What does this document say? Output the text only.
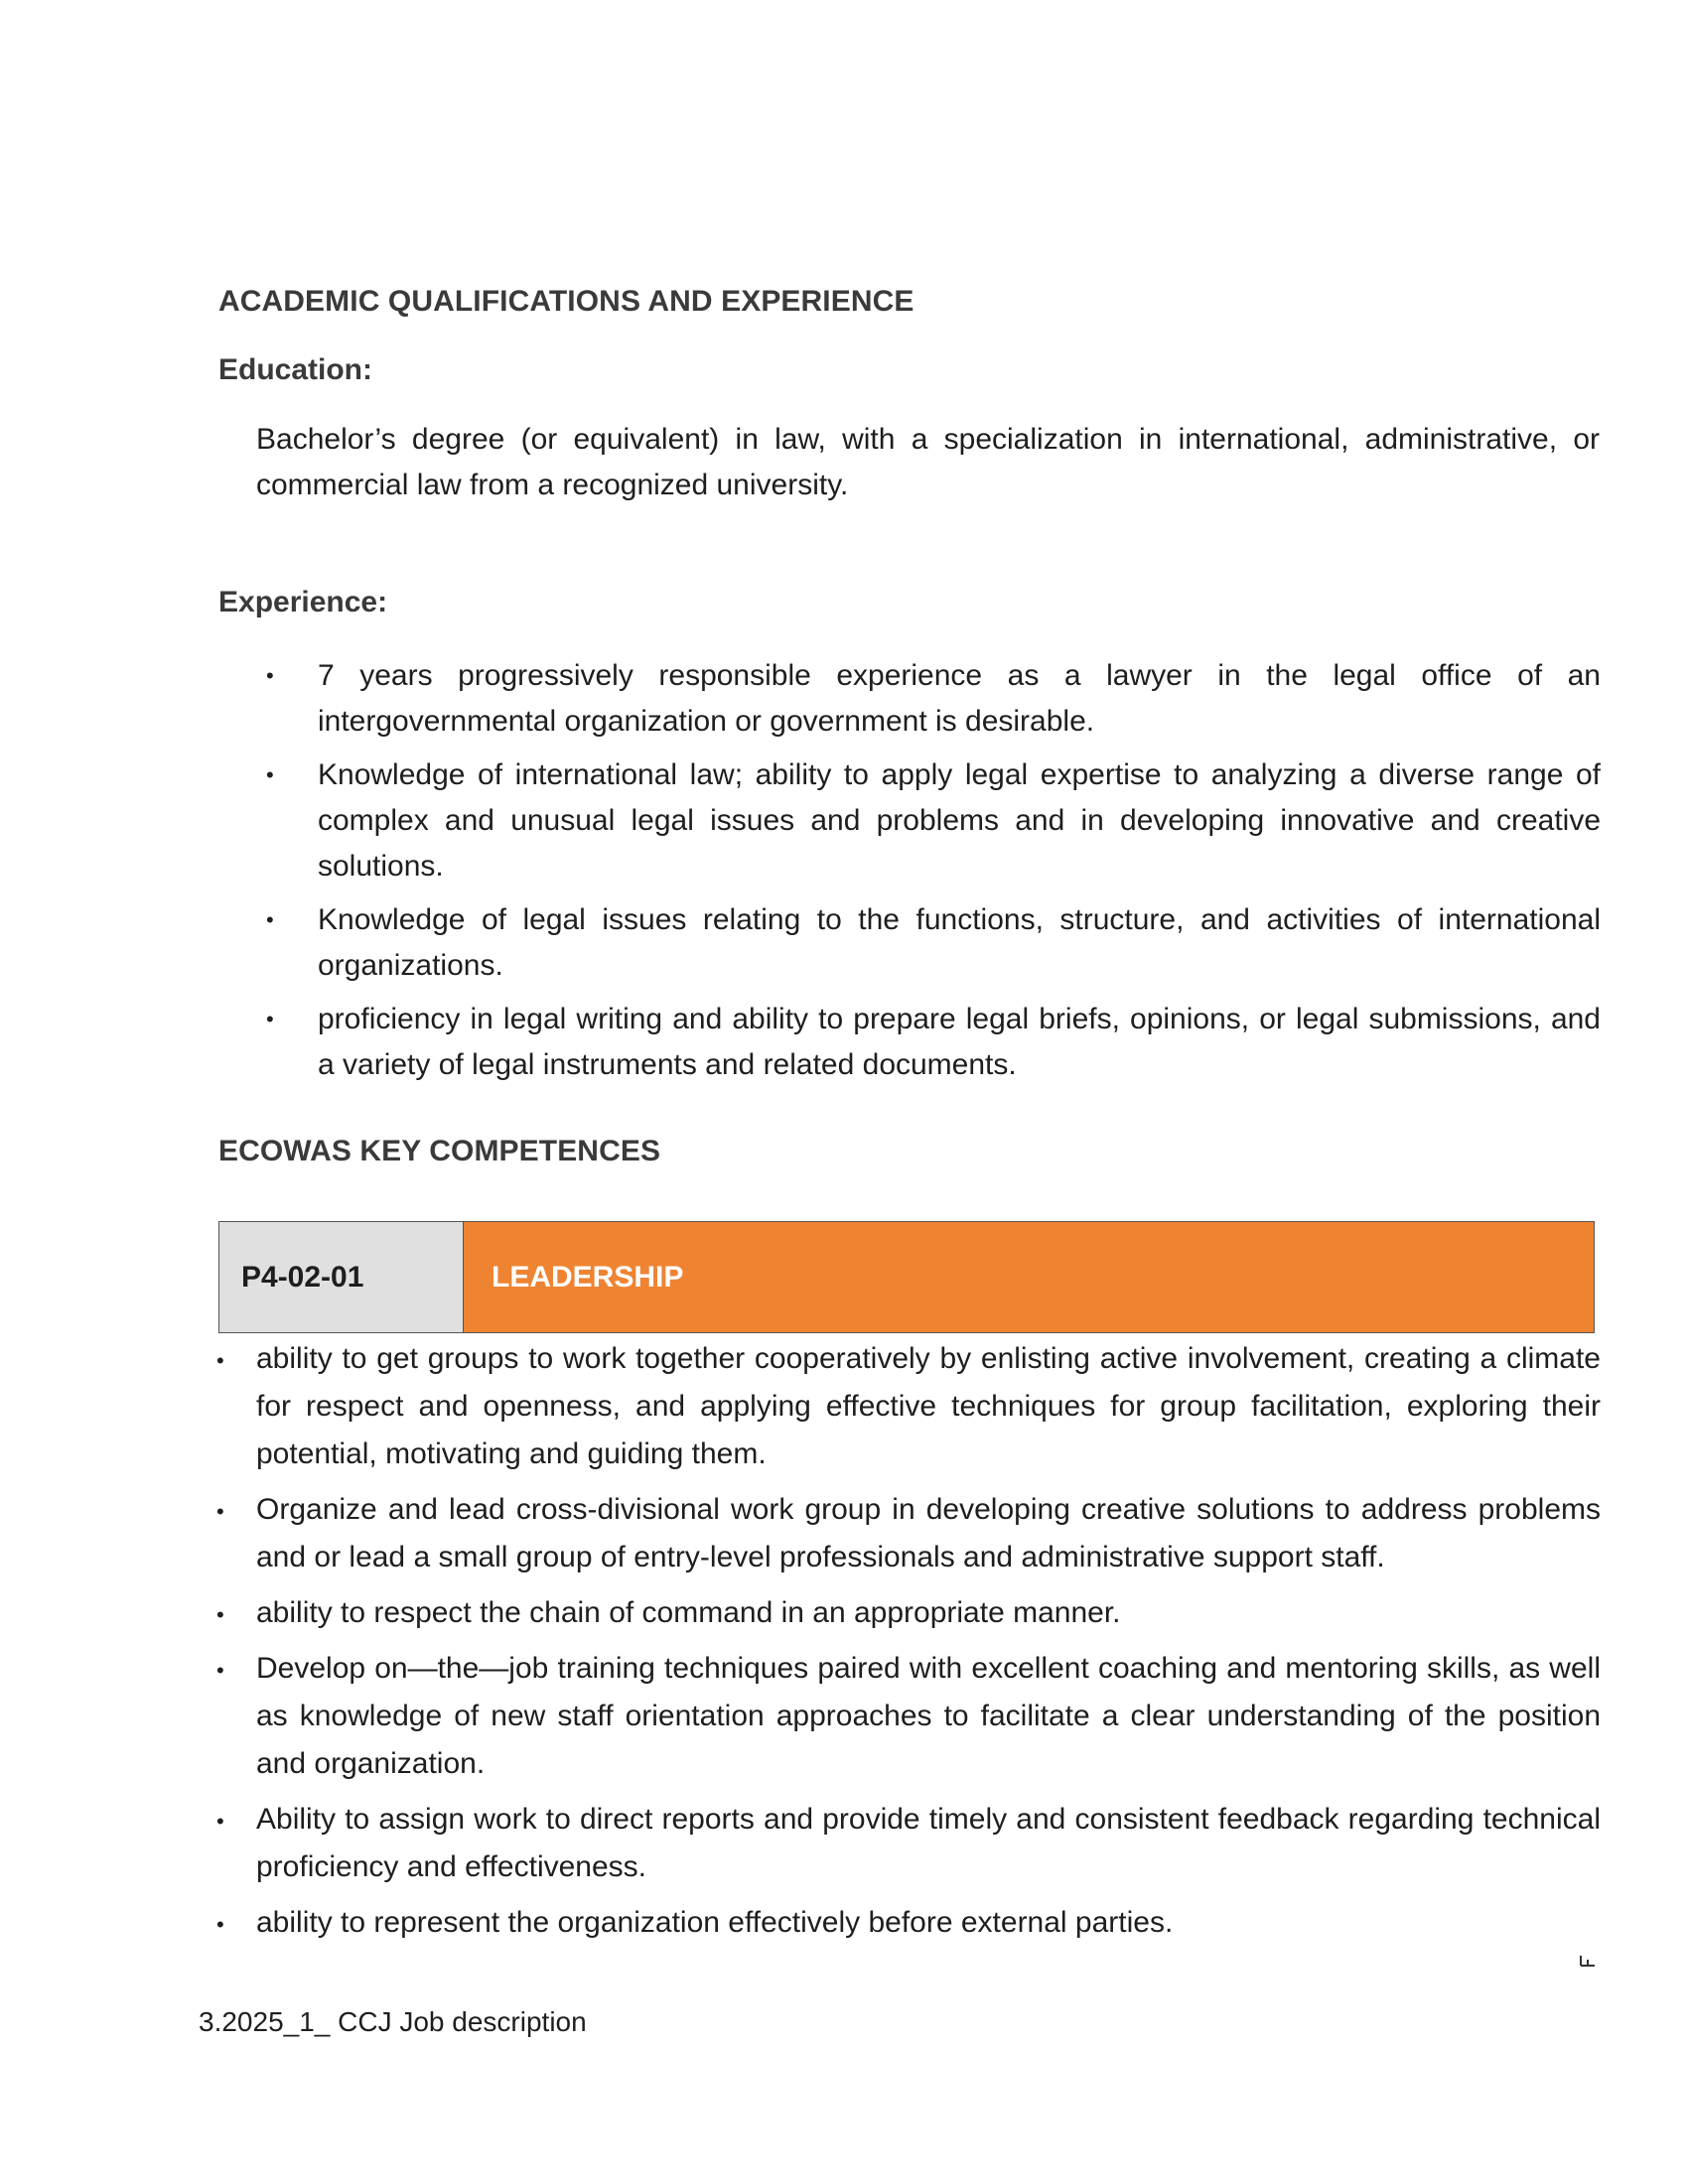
ACADEMIC QUALIFICATIONS AND EXPERIENCE
Education:
Bachelor’s degree (or equivalent) in law, with a specialization in international, administrative, or commercial law from a recognized university.
Experience:
• 7 years progressively responsible experience as a lawyer in the legal office of an intergovernmental organization or government is desirable.
• Knowledge of international law; ability to apply legal expertise to analyzing a diverse range of complex and unusual legal issues and problems and in developing innovative and creative solutions.
• Knowledge of legal issues relating to the functions, structure, and activities of international organizations.
• proficiency in legal writing and ability to prepare legal briefs, opinions, or legal submissions, and a variety of legal instruments and related documents.
ECOWAS KEY COMPETENCES
P4-02-01	LEADERSHIP
• ability to get groups to work together cooperatively by enlisting active involvement, creating a climate for respect and openness, and applying effective techniques for group facilitation, exploring their potential, motivating and guiding them.
• Organize and lead cross-divisional work group in developing creative solutions to address problems and or lead a small group of entry-level professionals and administrative support staff.
• ability to respect the chain of command in an appropriate manner.
• Develop on—the—job training techniques paired with excellent coaching and mentoring skills, as well as knowledge of new staff orientation approaches to facilitate a clear understanding of the position and organization.
• Ability to assign work to direct reports and provide timely and consistent feedback regarding technical proficiency and effectiveness.
• ability to represent the organization effectively before external parties.
3.2025_1_ CCJ Job description
